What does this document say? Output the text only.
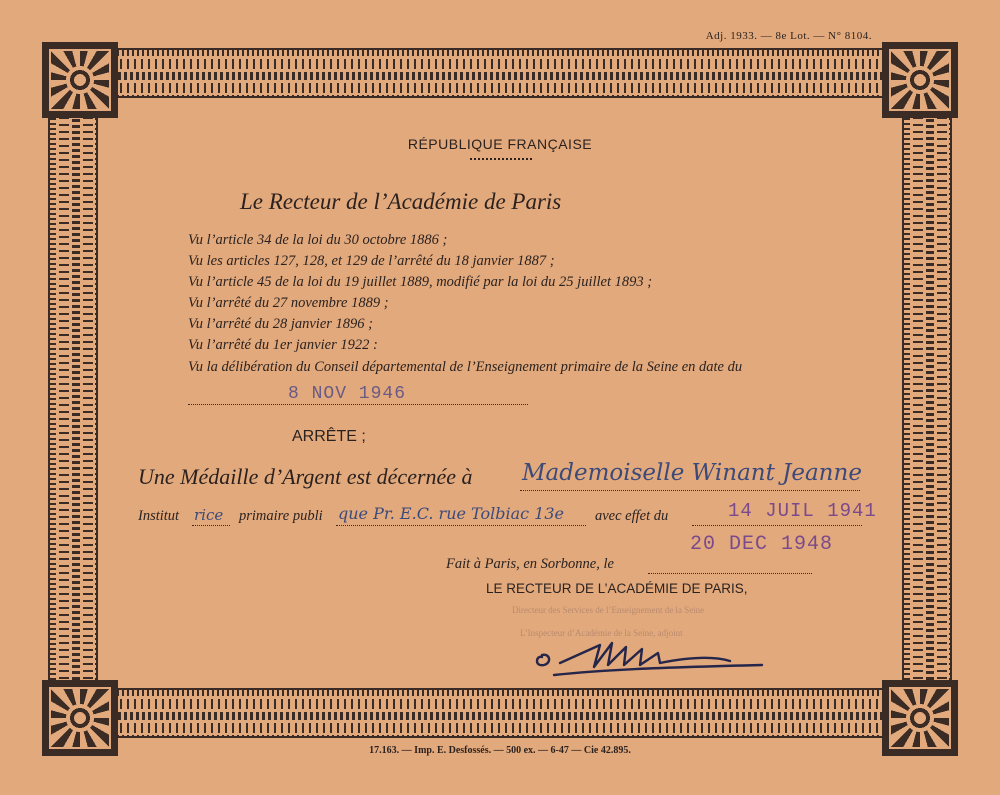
Adj. 1933. — 8e Lot. — N° 8104.
RÉPUBLIQUE FRANÇAISE
Le Recteur de l’Académie de Paris
Vu l’article 34 de la loi du 30 octobre 1886 ;
Vu les articles 127, 128, et 129 de l’arrêté du 18 janvier 1887 ;
Vu l’article 45 de la loi du 19 juillet 1889, modifié par la loi du 25 juillet 1893 ;
Vu l’arrêté du 27 novembre 1889 ;
Vu l’arrêté du 28 janvier 1896 ;
Vu l’arrêté du 1er janvier 1922 :
Vu la délibération du Conseil départemental de l’Enseignement primaire de la Seine en date du
8 NOV 1946
ARRÊTE ;
Une Médaille d’Argent est décernée à Mademoiselle Winant Jeanne
Institut rice primaire publi que Pr. E.C. rue Tolbiac 13e avec effet du	14 JUIL 1941
20 DEC 1948
Fait à Paris, en Sorbonne, le
LE RECTEUR DE L’ACADÉMIE DE PARIS,
Directeur des Services de l’Enseignement de la Seine
L’Inspecteur d’Académie de la Seine, adjoint
17.163. — Imp. E. Desfossés. — 500 ex. — 6-47 — Cie 42.895.
